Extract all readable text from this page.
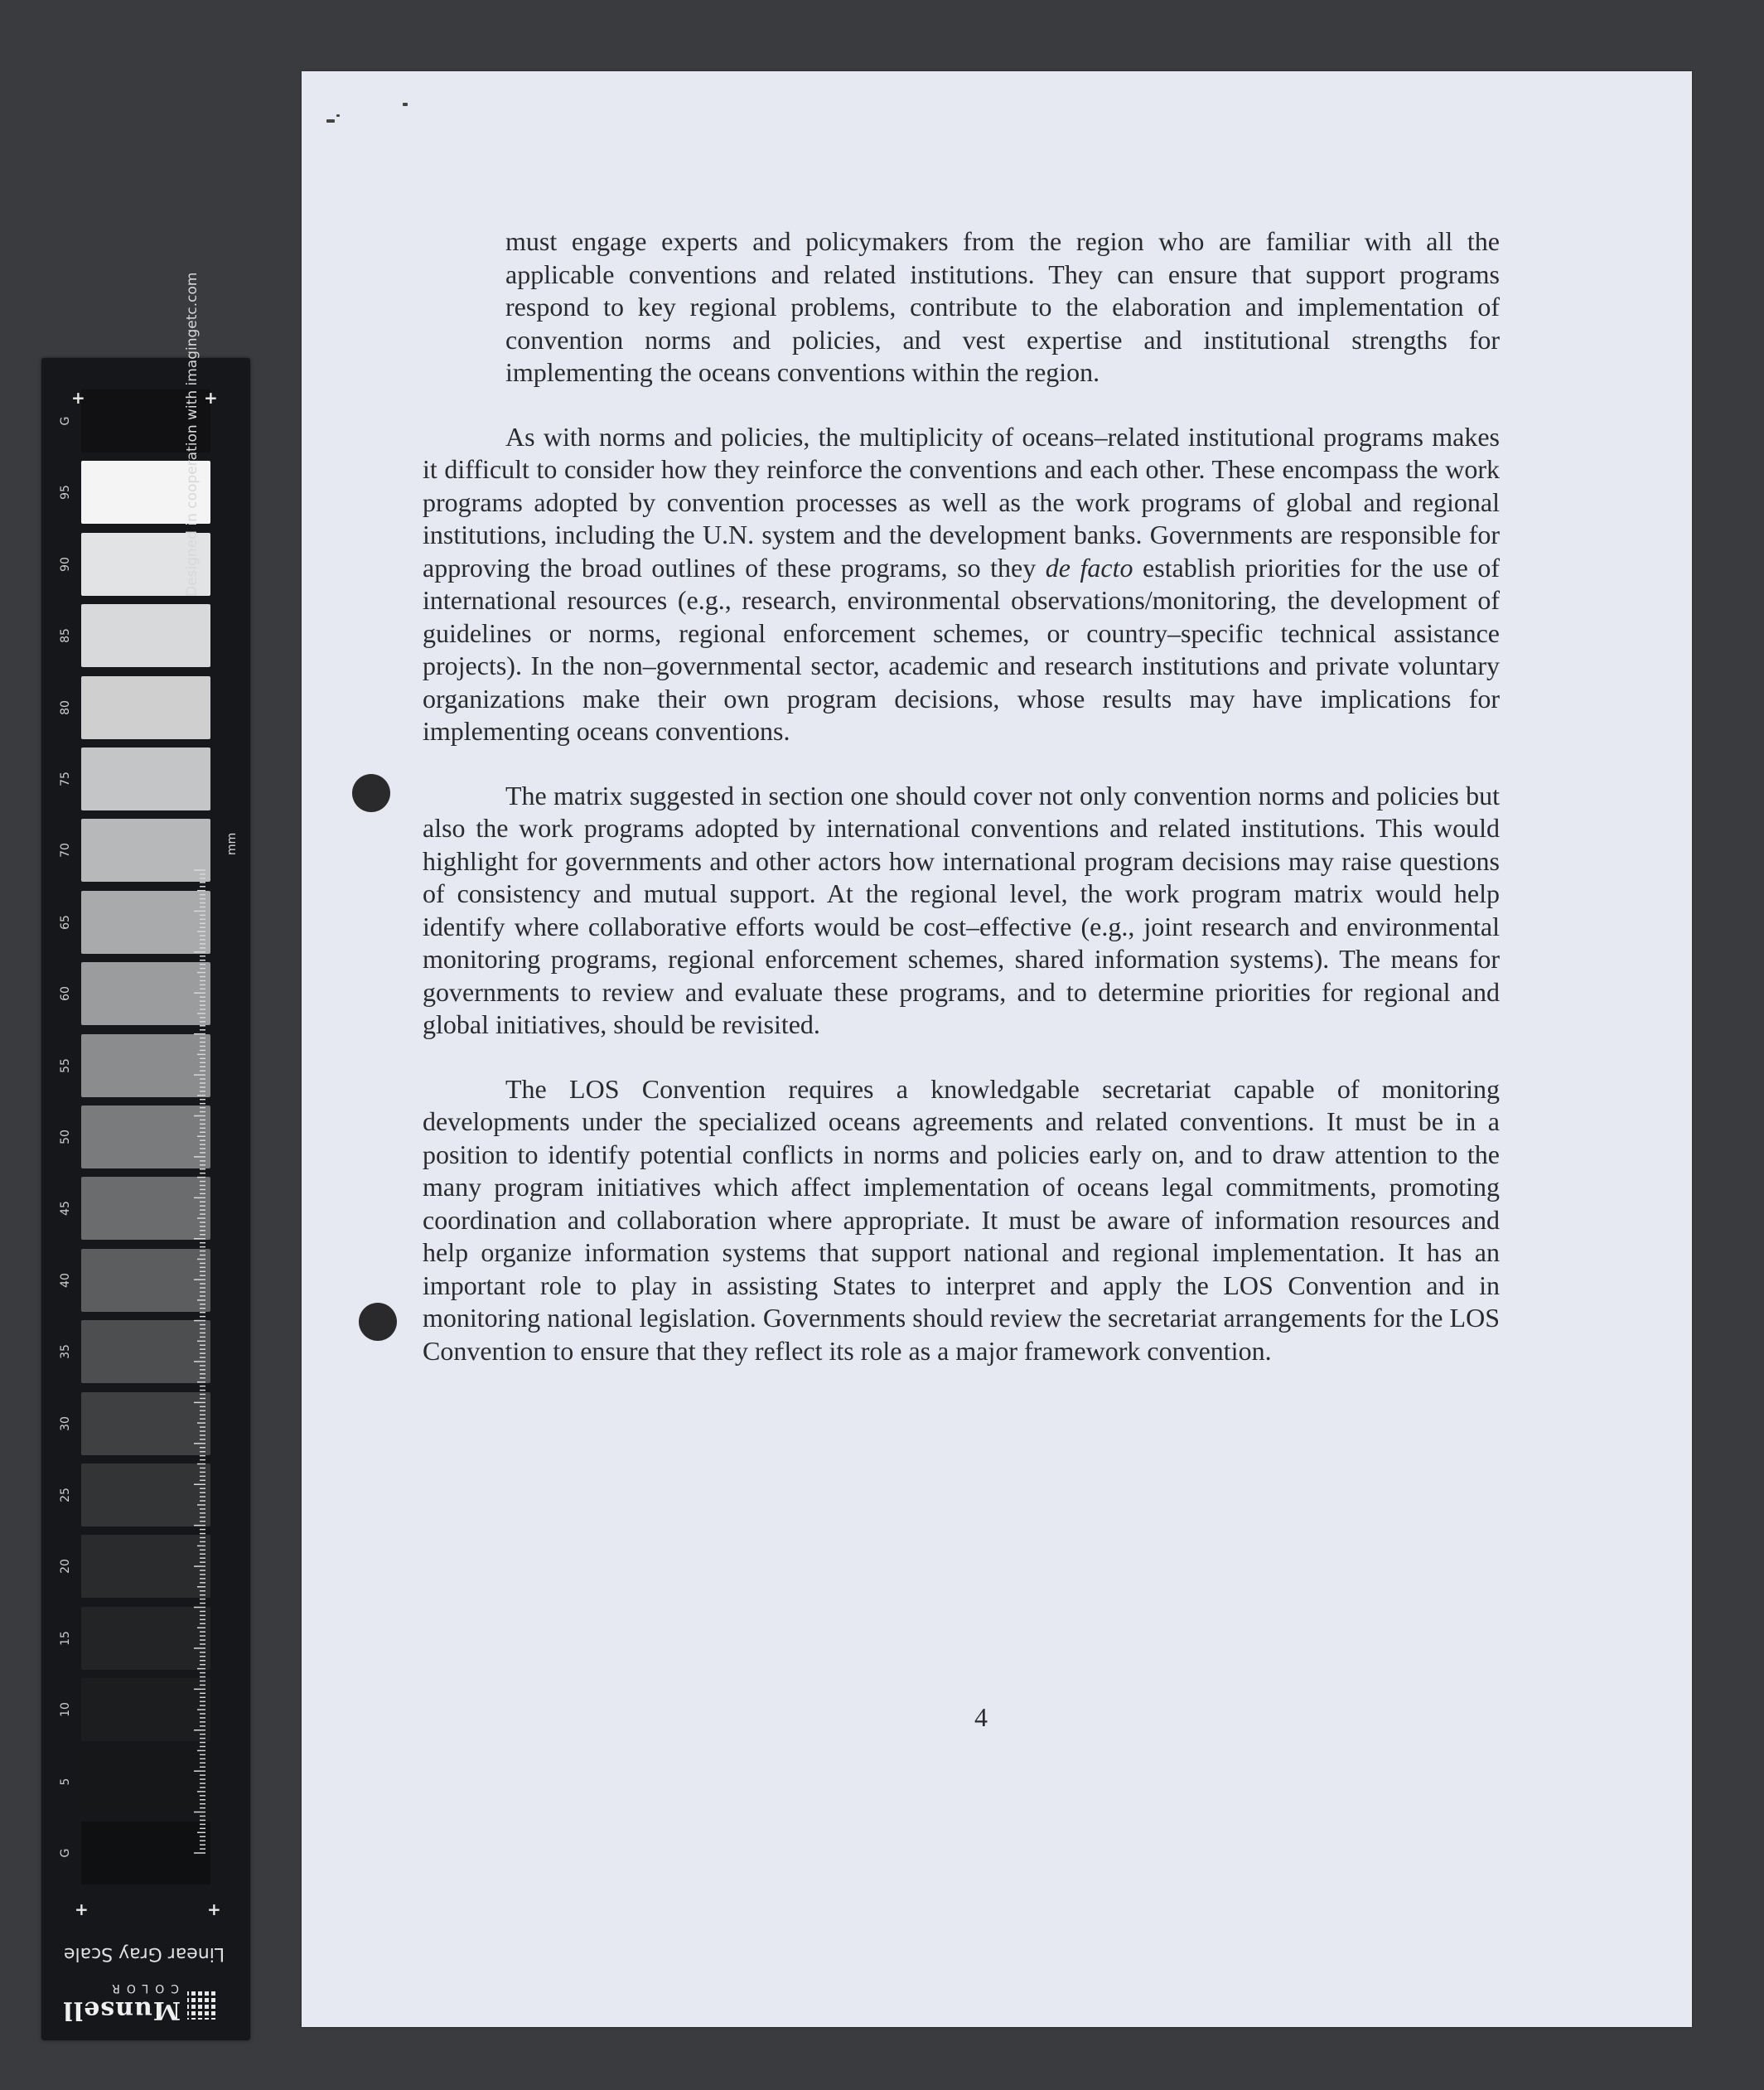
G
95
90
85
80
75
70
65
60
55
50
45
40
35
30
25
20
15
10
5
G
+	+
+	+
Designed in cooperation with imagingetc.com
mm
Linear Gray Scale
Munsell
COLOR

must engage experts and policymakers from the region who are familiar with all the applicable conventions and related institutions. They can ensure that support programs respond to key regional problems, contribute to the elaboration and implementation of convention norms and policies, and vest expertise and institutional strengths for implementing the oceans conventions within the region.

As with norms and policies, the multiplicity of oceans–related institutional programs makes it difficult to consider how they reinforce the conventions and each other. These encompass the work programs adopted by convention processes as well as the work programs of global and regional institutions, including the U.N. system and the development banks. Governments are responsible for approving the broad outlines of these programs, so they de facto establish priorities for the use of international resources (e.g., research, environmental observations/monitoring, the development of guidelines or norms, regional enforcement schemes, or country–specific technical assistance projects). In the non–governmental sector, academic and research institutions and private voluntary organizations make their own program decisions, whose results may have implications for implementing oceans conventions.

The matrix suggested in section one should cover not only convention norms and policies but also the work programs adopted by international conventions and related institutions. This would highlight for governments and other actors how international program decisions may raise questions of consistency and mutual support. At the regional level, the work program matrix would help identify where collaborative efforts would be cost–effective (e.g., joint research and environmental monitoring programs, regional enforcement schemes, shared information systems). The means for governments to review and evaluate these programs, and to determine priorities for regional and global initiatives, should be revisited.

The LOS Convention requires a knowledgable secretariat capable of monitoring developments under the specialized oceans agreements and related conventions. It must be in a position to identify potential conflicts in norms and policies early on, and to draw attention to the many program initiatives which affect implementation of oceans legal commitments, promoting coordination and collaboration where appropriate. It must be aware of information resources and help organize information systems that support national and regional implementation. It has an important role to play in assisting States to interpret and apply the LOS Convention and in monitoring national legislation. Governments should review the secretariat arrangements for the LOS Convention to ensure that they reflect its role as a major framework convention.

4
